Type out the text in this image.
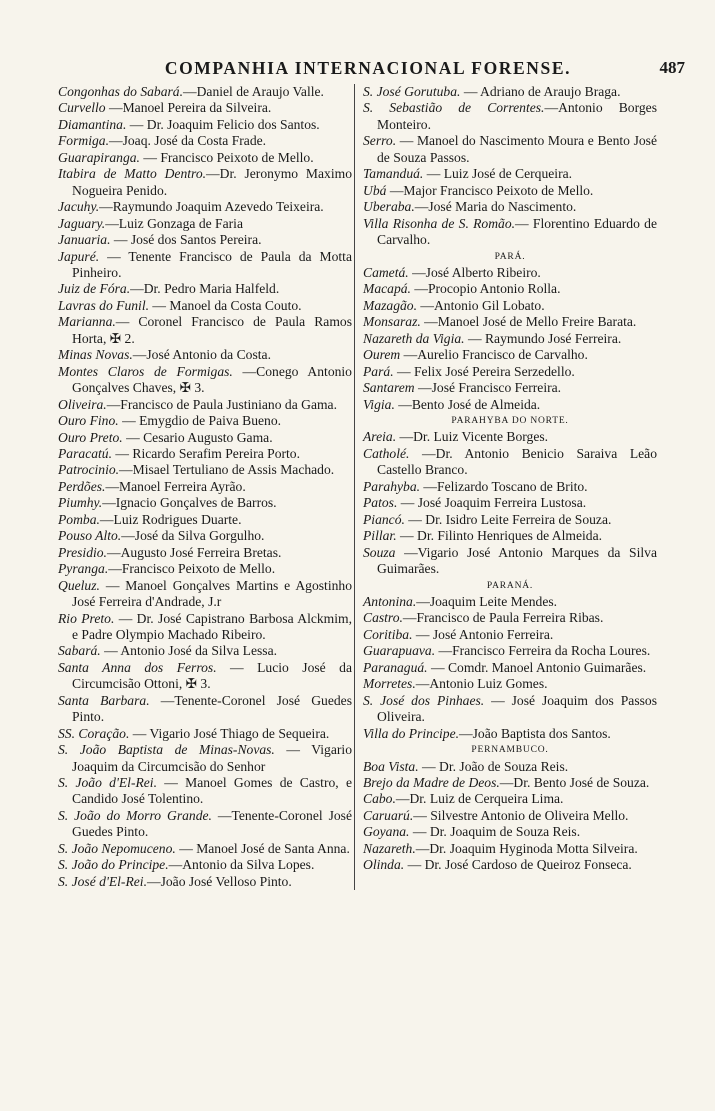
COMPANHIA INTERNACIONAL FORENSE.	487
Congonhas do Sabará.—Daniel de Araujo Valle.
Curvello —Manoel Pereira da Silveira.
Diamantina. — Dr. Joaquim Felicio dos Santos.
Formiga.—Joaq. José da Costa Frade.
Guarapiranga. — Francisco Peixoto de Mello.
Itabira de Matto Dentro.—Dr. Jeronymo Maximo Nogueira Penido.
Jacuhy.—Raymundo Joaquim Azevedo Teixeira.
Jaguary.—Luiz Gonzaga de Faria
Januaria. — José dos Santos Pereira.
Japuré. — Tenente Francisco de Paula da Motta Pinheiro.
Juiz de Fóra.—Dr. Pedro Maria Halfeld.
Lavras do Funil. — Manoel da Costa Couto.
Marianna.— Coronel Francisco de Paula Ramos Horta, ✠ 2.
Minas Novas.—José Antonio da Costa.
Montes Claros de Formigas. —Conego Antonio Gonçalves Chaves, ✠ 3.
Oliveira.—Francisco de Paula Justiniano da Gama.
Ouro Fino. — Emygdio de Paiva Bueno.
Ouro Preto. — Cesario Augusto Gama.
Paracatú. — Ricardo Serafim Pereira Porto.
Patrocinio.—Misael Tertuliano de Assis Machado.
Perdões.—Manoel Ferreira Ayrão.
Piumhy.—Ignacio Gonçalves de Barros.
Pomba.—Luiz Rodrigues Duarte.
Pouso Alto.—José da Silva Gorgulho.
Presidio.—Augusto José Ferreira Bretas.
Pyranga.—Francisco Peixoto de Mello.
Queluz. — Manoel Gonçalves Martins e Agostinho José Ferreira d'Andrade, J.r
Rio Preto. — Dr. José Capistrano Barbosa Alckmim, e Padre Olympio Machado Ribeiro.
Sabará. — Antonio José da Silva Lessa.
Santa Anna dos Ferros. — Lucio José da Circumcisão Ottoni, ✠ 3.
Santa Barbara. —Tenente-Coronel José Guedes Pinto.
SS. Coração. — Vigario José Thiago de Sequeira.
S. João Baptista de Minas-Novas. — Vigario Joaquim da Circumcisão do Senhor
S. João d'El-Rei. — Manoel Gomes de Castro, e Candido José Tolentino.
S. João do Morro Grande. —Tenente-Coronel José Guedes Pinto.
S. João Nepomuceno. — Manoel José de Santa Anna.
S. João do Principe.—Antonio da Silva Lopes.
S. José d'El-Rei.—João José Velloso Pinto.
S. José Gorutuba. — Adriano de Araujo Braga.
S. Sebastião de Correntes.—Antonio Borges Monteiro.
Serro. — Manoel do Nascimento Moura e Bento José de Souza Passos.
Tamanduá. — Luiz José de Cerqueira.
Ubá —Major Francisco Peixoto de Mello.
Uberaba.—José Maria do Nascimento.
Villa Risonha de S. Romão.— Florentino Eduardo de Carvalho.
PARÁ.
Cametá. —José Alberto Ribeiro.
Macapá. —Procopio Antonio Rolla.
Mazagão. —Antonio Gil Lobato.
Monsaraz. —Manoel José de Mello Freire Barata.
Nazareth da Vigia. — Raymundo José Ferreira.
Ourem —Aurelio Francisco de Carvalho.
Pará. — Felix José Pereira Serzedello.
Santarem —José Francisco Ferreira.
Vigia. —Bento José de Almeida.
PARAHYBA DO NORTE.
Areia. —Dr. Luiz Vicente Borges.
Catholé. —Dr. Antonio Benicio Saraiva Leão Castello Branco.
Parahyba. —Felizardo Toscano de Brito.
Patos. — José Joaquim Ferreira Lustosa.
Piancó. — Dr. Isidro Leite Ferreira de Souza.
Pillar. — Dr. Filinto Henriques de Almeida.
Souza —Vigario José Antonio Marques da Silva Guimarães.
PARANÁ.
Antonina.—Joaquim Leite Mendes.
Castro.—Francisco de Paula Ferreira Ribas.
Coritiba. — José Antonio Ferreira.
Guarapuava. —Francisco Ferreira da Rocha Loures.
Paranaguá. — Comdr. Manoel Antonio Guimarães.
Morretes.—Antonio Luiz Gomes.
S. José dos Pinhaes. — José Joaquim dos Passos Oliveira.
Villa do Principe.—João Baptista dos Santos.
PERNAMBUCO.
Boa Vista. — Dr. João de Souza Reis.
Brejo da Madre de Deos.—Dr. Bento José de Souza.
Cabo.—Dr. Luiz de Cerqueira Lima.
Caruarú.— Silvestre Antonio de Oliveira Mello.
Goyana. — Dr. Joaquim de Souza Reis.
Nazareth.—Dr. Joaquim Hyginoda Motta Silveira.
Olinda. — Dr. José Cardoso de Queiroz Fonseca.
